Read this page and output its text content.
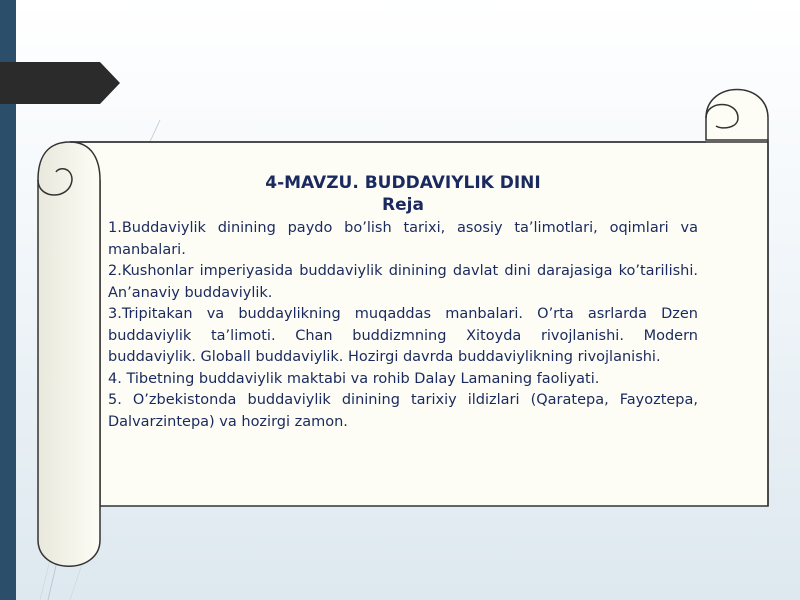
4-MAVZU. BUDDAVIYLIK DINI

Reja

1.Buddaviylik dinining paydo bo’lish tarixi, asosiy ta’limotlari, oqimlari va manbalari.
2.Kushonlar imperiyasida buddaviylik dinining davlat dini darajasiga ko’tarilishi. An’anaviy buddaviylik.
3.Tripitakan va buddaylikning muqaddas manbalari. O’rta asrlarda Dzen buddaviylik ta’limoti. Chan buddizmning Xitoyda rivojlanishi. Modern buddaviylik. Globall buddaviylik. Hozirgi davrda buddaviylikning rivojlanishi.
4. Tibetning buddaviylik maktabi va rohib Dalay Lamaning faoliyati.
5. O’zbekistonda buddaviylik dinining tarixiy ildizlari (Qaratepa, Fayoztepa, Dalvarzintepa) va hozirgi zamon.
